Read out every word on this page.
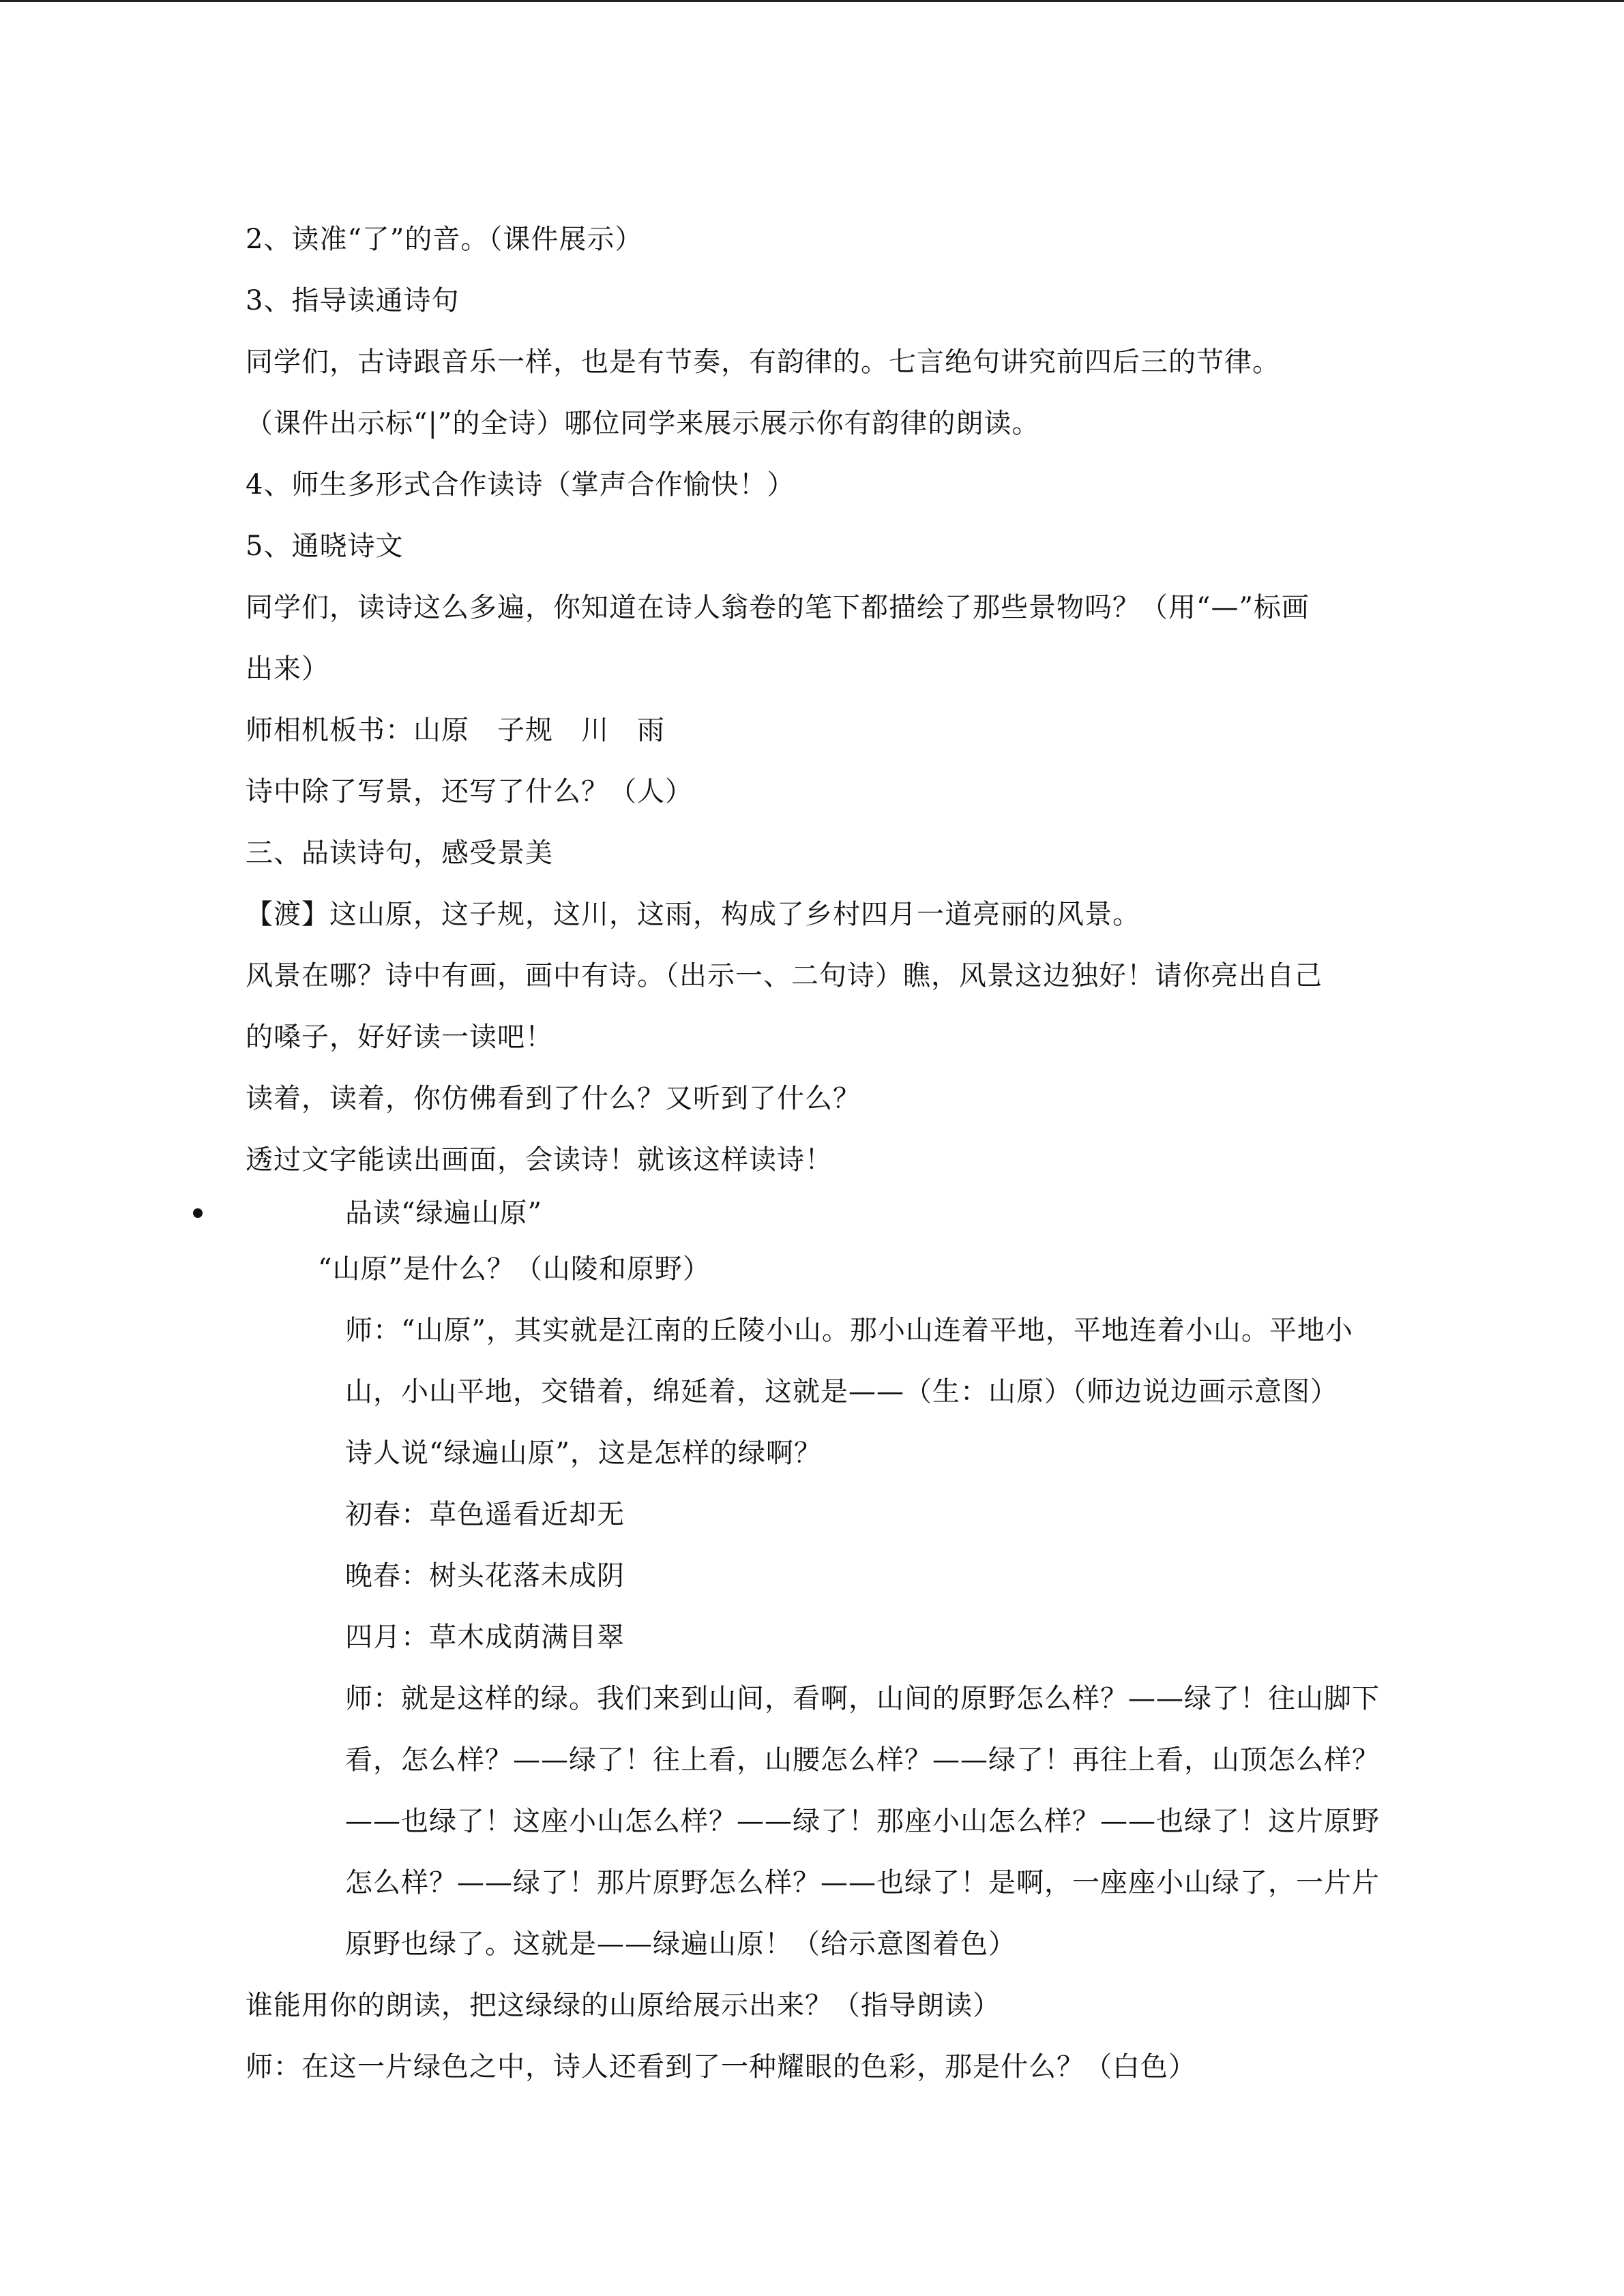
2、读准“了”的音。（课件展示）
3、指导读通诗句
同学们，古诗跟音乐一样，也是有节奏，有韵律的。七言绝句讲究前四后三的节律。
（课件出示标“|”的全诗）哪位同学来展示展示你有韵律的朗读。
4、师生多形式合作读诗（掌声合作愉快！）
5、通晓诗文
同学们，读诗这么多遍，你知道在诗人翁卷的笔下都描绘了那些景物吗？（用“—”标画
出来）
师相机板书：山原　子规　川　雨
诗中除了写景，还写了什么？（人）
三、品读诗句，感受景美
【渡】这山原，这子规，这川，这雨，构成了乡村四月一道亮丽的风景。
风景在哪？诗中有画，画中有诗。（出示一、二句诗）瞧，风景这边独好！请你亮出自己
的嗓子，好好读一读吧！
读着，读着，你仿佛看到了什么？又听到了什么？
透过文字能读出画面，会读诗！就该这样读诗！
品读“绿遍山原”
“山原”是什么？（山陵和原野）
师：“山原”，其实就是江南的丘陵小山。那小山连着平地，平地连着小山。平地小
山，小山平地，交错着，绵延着，这就是——（生：山原）（师边说边画示意图）
诗人说“绿遍山原”，这是怎样的绿啊？
初春：草色遥看近却无
晚春：树头花落未成阴
四月：草木成荫满目翠
师：就是这样的绿。我们来到山间，看啊，山间的原野怎么样？——绿了！往山脚下
看，怎么样？——绿了！往上看，山腰怎么样？——绿了！再往上看，山顶怎么样？
——也绿了！这座小山怎么样？——绿了！那座小山怎么样？——也绿了！这片原野
怎么样？——绿了！那片原野怎么样？——也绿了！是啊，一座座小山绿了，一片片
原野也绿了。这就是——绿遍山原！（给示意图着色）
谁能用你的朗读，把这绿绿的山原给展示出来？（指导朗读）
师：在这一片绿色之中，诗人还看到了一种耀眼的色彩，那是什么？（白色）
